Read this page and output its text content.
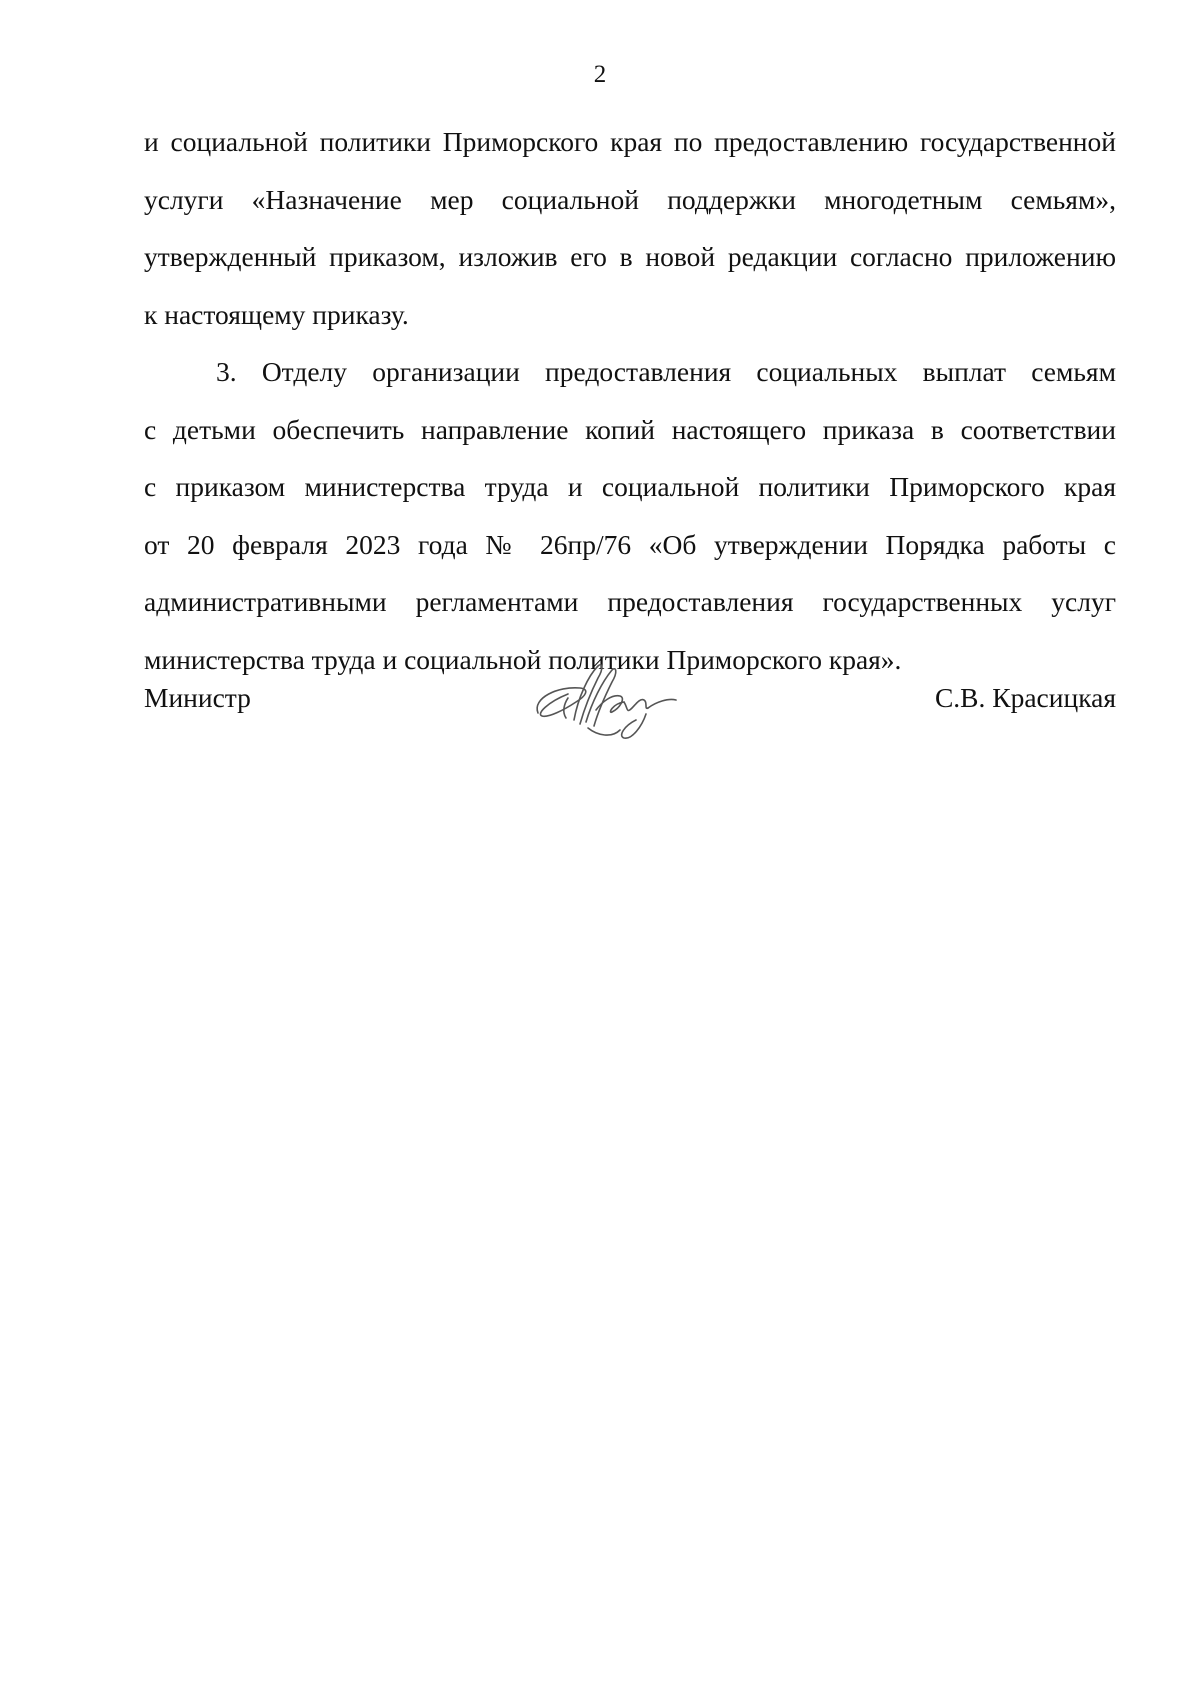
2
и социальной политики Приморского края по предоставлению государственной
услуги «Назначение мер социальной поддержки многодетным семьям»,
утвержденный приказом, изложив его в новой редакции согласно приложению
к настоящему приказу.
3. Отделу организации предоставления социальных выплат семьям
с детьми обеспечить направление копий настоящего приказа в соответствии
с приказом министерства труда и социальной политики Приморского края
от 20 февраля 2023 года № 26пр/76 «Об утверждении Порядка работы с
административными регламентами предоставления государственных услуг
министерства труда и социальной политики Приморского края».
Министр	С.В. Красицкая
